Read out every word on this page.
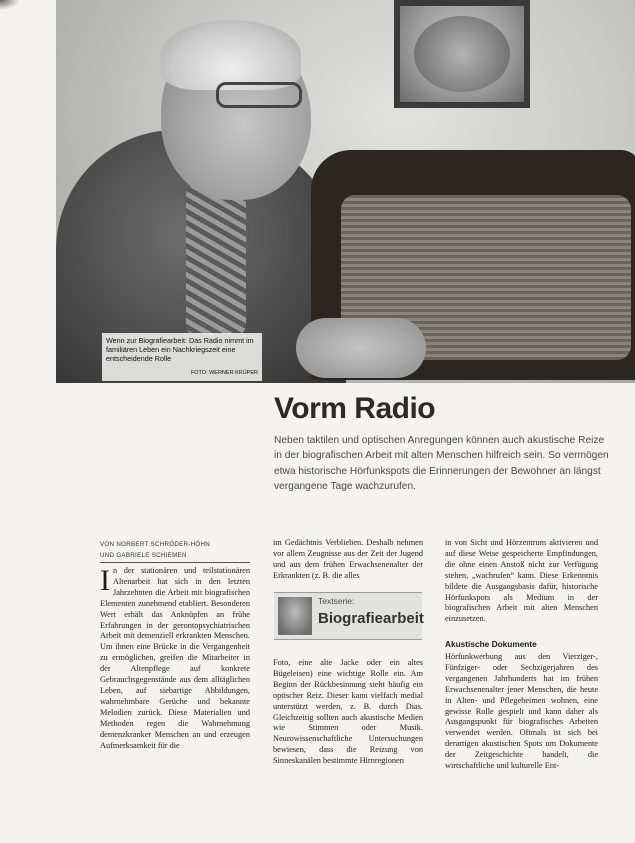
Wenn zur Biografiearbeit: Das Radio nimmt im familiären Leben ein Nachkriegszeit eine entscheidende Rolle
FOTO: WERNER KRÜPER
Vorm Radio

Neben taktilen und optischen Anregungen können auch akustische Reize in der biografischen Arbeit mit alten Menschen hilfreich sein. So vermögen etwa historische Hörfunkspots die Erinnerungen der Bewohner an längst vergangene Tage wachzurufen.

VON NORBERT SCHRÖDER-HÖHN
UND GABRIELE SCHIEMEN

In der stationären und teilstationären Altenarbeit hat sich in den letzten Jahrzehnten die Arbeit mit biografischen Elementen zunehmend etabliert. Besonderen Wert erhält das Anknüpfen an frühe Erfahrungen in der gerontopsychiatrischen Arbeit mit demenziell erkrankten Menschen. Um ihnen eine Brücke in die Vergangenheit zu ermöglichen, greifen die Mitarbeiter in der Altenpflege auf konkrete Gebrauchsgegenstände aus dem alltäglichen Leben, auf siebartige Abbildungen, wahrnehmbare Gerüche und bekannte Melodien zurück. Diese Materialien und Methoden regen die Wahrnehmung demenzkranker Menschen an und erzeugen Aufmerksamkeit für die

im Gedächtnis Verblieben. Deshalb nehmen vor allem Zeugnisse aus der Zeit der Jugend und aus dem frühen Erwachsenenalter der Erkrankten (z. B. die alles

Textserie:
Biografiearbeit

Foto, eine alte Jacke oder ein altes Bügeleisen) eine wichtige Rolle ein. Am Beginn der Rückbesinnung steht häufig ein optischer Reiz. Dieser kann vielfach medial unterstützt werden, z. B. durch Dias. Gleichzeitig sollten auch akustische Medien wie Stimmen oder Musik. Neurowissenschaftliche Untersuchungen bewiesen, dass die Reizung von Sinneskanälen bestimmte Hirnregionen

in von Sicht und Hörzentrum aktivieren und auf diese Weise gespeicherte Empfindungen, die ohne einen Anstoß nicht zur Verfügung stehen, „wachrufen“ kann. Diese Erkenntnis bildete die Ausgangsbasis dafür, historische Hörfunkspots als Medium in der biografischen Arbeit mit alten Menschen einzusetzen.

Akustische Dokumente

Hörfunkwerbung aus den Vierziger-, Fünfziger- oder Sechzigerjahren des vergangenen Jahrhunderts hat im frühen Erwachsenenalter jener Menschen, die heute in Alten- und Pflegeheimen wohnen, eine gewisse Rolle gespielt und kann daher als Ausgangspunkt für biografisches Arbeiten verwendet werden. Oftmals ist sich bei derartigen akustischen Spots um Dokumente der Zeitgeschichte handelt, die wirtschaftliche und kulturelle Ent-
